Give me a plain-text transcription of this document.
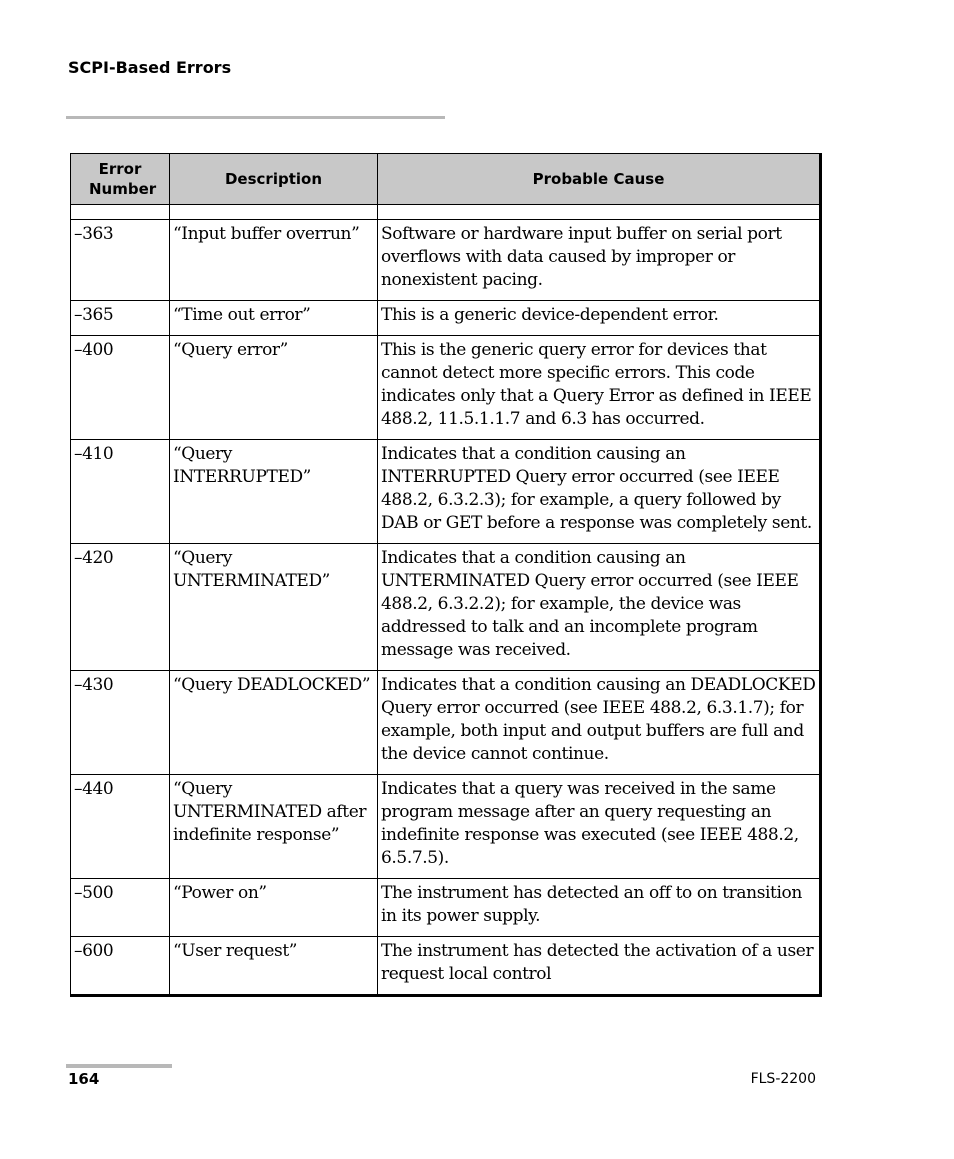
SCPI-Based Errors
Error Number	Description	Probable Cause

–363	“Input buffer overrun”	Software or hardware input buffer on serial port overflows with data caused by improper or nonexistent pacing.
–365	“Time out error”	This is a generic device-dependent error.
–400	“Query error”	This is the generic query error for devices that cannot detect more specific errors. This code indicates only that a Query Error as defined in IEEE 488.2, 11.5.1.1.7 and 6.3 has occurred.
–410	“Query INTERRUPTED”	Indicates that a condition causing an INTERRUPTED Query error occurred (see IEEE 488.2, 6.3.2.3); for example, a query followed by DAB or GET before a response was completely sent.
–420	“Query UNTERMINATED”	Indicates that a condition causing an UNTERMINATED Query error occurred (see IEEE 488.2, 6.3.2.2); for example, the device was addressed to talk and an incomplete program message was received.
–430	“Query DEADLOCKED”	Indicates that a condition causing an DEADLOCKED Query error occurred (see IEEE 488.2, 6.3.1.7); for example, both input and output buffers are full and the device cannot continue.
–440	“Query UNTERMINATED after indefinite response”	Indicates that a query was received in the same program message after an query requesting an indefinite response was executed (see IEEE 488.2, 6.5.7.5).
–500	“Power on”	The instrument has detected an off to on transition in its power supply.
–600	“User request”	The instrument has detected the activation of a user request local control
164	FLS-2200
